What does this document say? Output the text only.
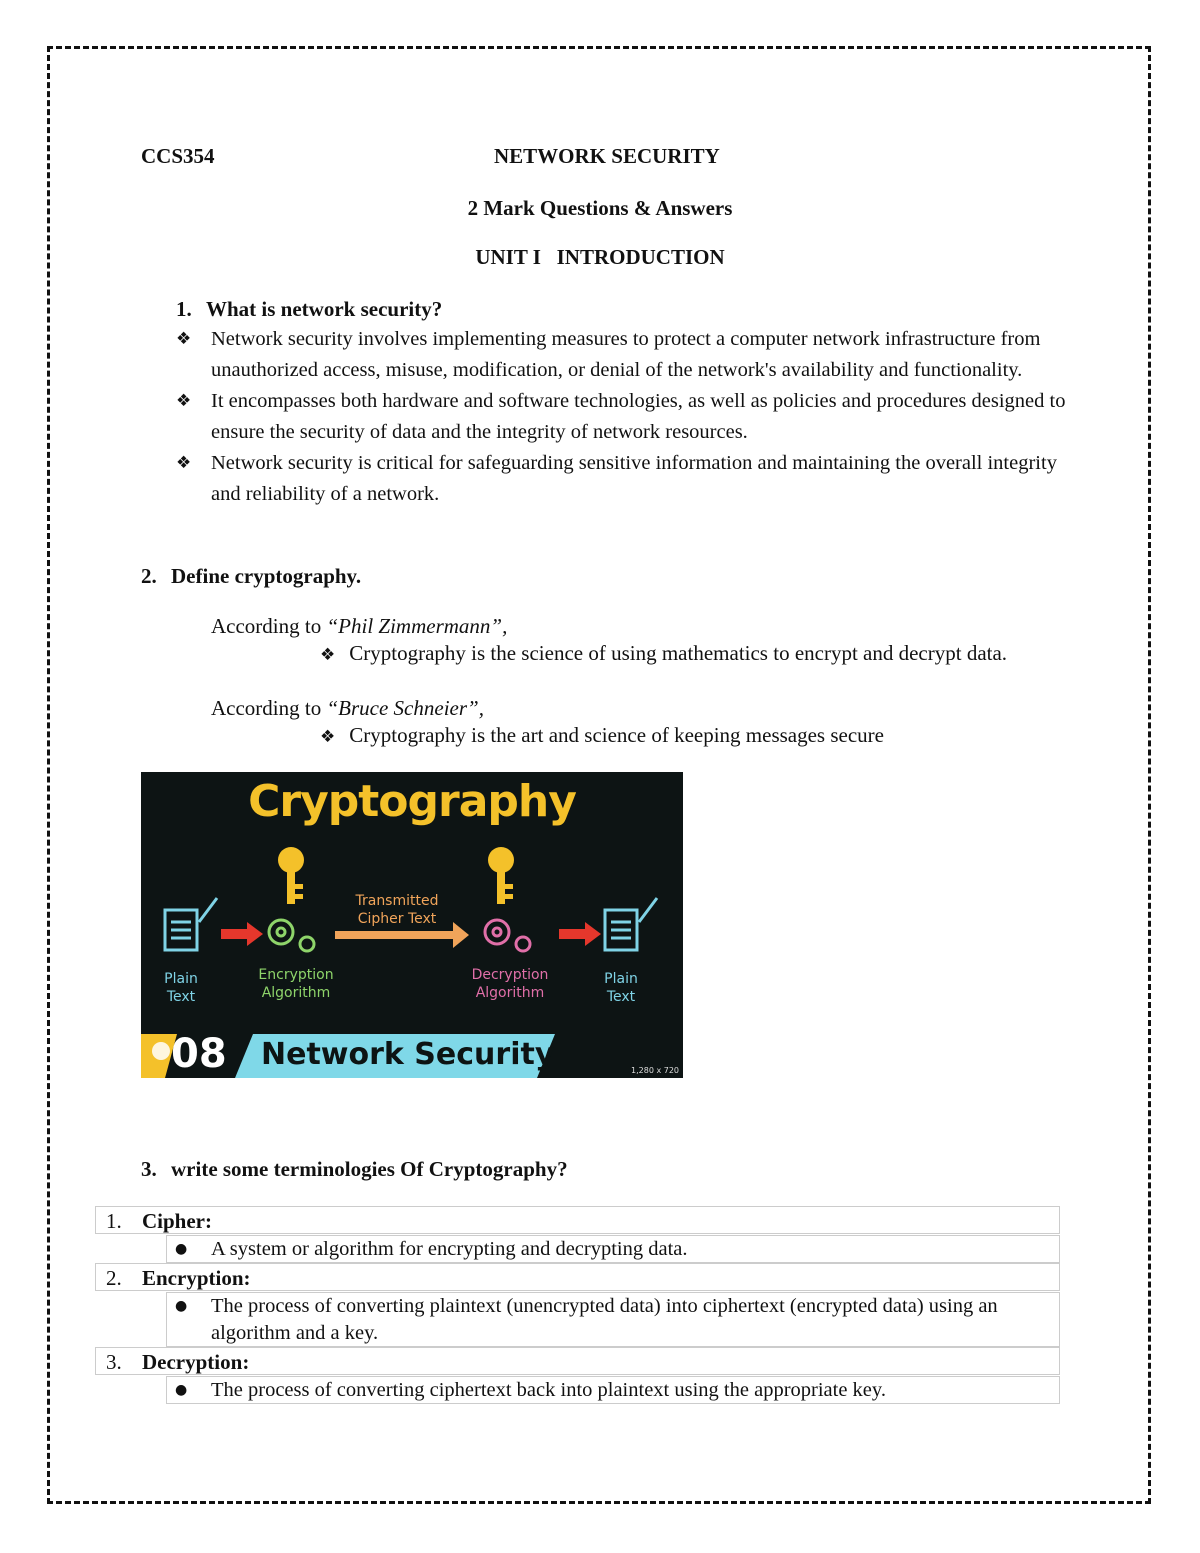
CCS354	NETWORK SECURITY
2 Mark Questions & Answers
UNIT I   INTRODUCTION
1. What is network security?
❖ Network security involves implementing measures to protect a computer network infrastructure from unauthorized access, misuse, modification, or denial of the network's availability and functionality.
❖ It encompasses both hardware and software technologies, as well as policies and procedures designed to ensure the security of data and the integrity of network resources.
❖ Network security is critical for safeguarding sensitive information and maintaining the overall integrity and reliability of a network.
2. Define cryptography.
According to “Phil Zimmermann”,
❖ Cryptography is the science of using mathematics to encrypt and decrypt data.
According to “Bruce Schneier”,
❖ Cryptography is the art and science of keeping messages secure
Cryptography
Plain
Text
Encryption
Algorithm
Transmitted
Cipher Text
Decryption
Algorithm
Plain
Text
08 Network Security	1,280 x 720
3. write some terminologies Of Cryptography?
1. Cipher:
● A system or algorithm for encrypting and decrypting data.
2. Encryption:
● The process of converting plaintext (unencrypted data) into ciphertext (encrypted data) using an algorithm and a key.
3. Decryption:
● The process of converting ciphertext back into plaintext using the appropriate key.
